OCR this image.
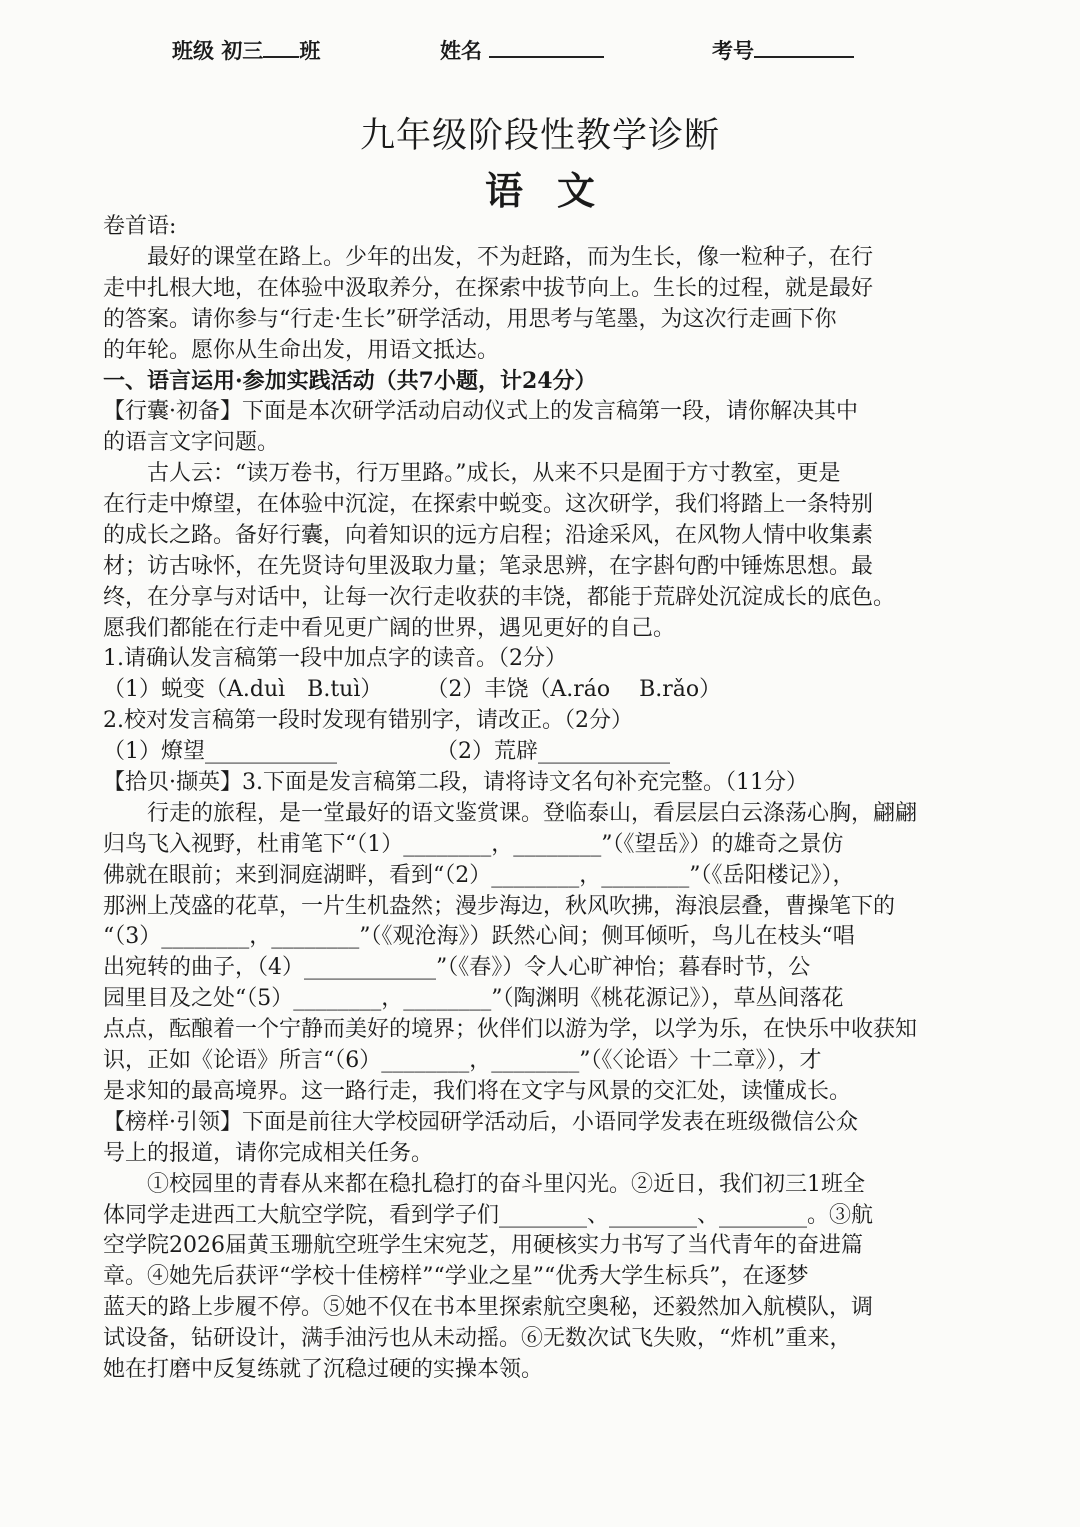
班级 初三 班	姓名	考号
九年级阶段性教学诊断
语文
卷首语:
最好的课堂在路上。少年的出发，不为赶路，而为生长，像一粒种子，在行
走中扎根大地，在体验中汲取养分，在探索中拔节向上。生长的过程，就是最好
的答案。请你参与“行走·生长”研学活动，用思考与笔墨，为这次行走画下你
的年轮。愿你从生命出发，用语文抵达。
一、语言运用·参加实践活动（共7小题，计24分）
【行囊·初备】下面是本次研学活动启动仪式上的发言稿第一段，请你解决其中
的语言文字问题。
古人云：“读万卷书，行万里路。”成长，从来不只是囿于方寸教室，更是
在行走中燎望，在体验中沉淀，在探索中蜕变。这次研学，我们将踏上一条特别
的成长之路。备好行囊，向着知识的远方启程；沿途采风，在风物人情中收集素
材；访古咏怀，在先贤诗句里汲取力量；笔录思辨，在字斟句酌中锤炼思想。最
终，在分享与对话中，让每一次行走收获的丰饶，都能于荒辟处沉淀成长的底色。
愿我们都能在行走中看见更广阔的世界，遇见更好的自己。
1.请确认发言稿第一段中加点字的读音。（2分）
（1）蜕变（A.duì　B.tuì）　　　（2）丰饶（A.ráo　 B.rǎo）
2.校对发言稿第一段时发现有错别字，请改正。（2分）
（1）燎望____________　　　　　（2）荒辟____________
【拾贝·撷英】3.下面是发言稿第二段，请将诗文名句补充完整。（11分）
行走的旅程，是一堂最好的语文鉴赏课。登临泰山，看层层白云涤荡心胸，翩翩
归鸟飞入视野，杜甫笔下“（1）________，________”（《望岳》）的雄奇之景仿
佛就在眼前；来到洞庭湖畔，看到“（2）________，________”（《岳阳楼记》），
那洲上茂盛的花草，一片生机盎然；漫步海边，秋风吹拂，海浪层叠，曹操笔下的
“（3）________，________”（《观沧海》）跃然心间；侧耳倾听，鸟儿在枝头“唱
出宛转的曲子，（4）____________”（《春》）令人心旷神怡；暮春时节，公
园里目及之处“（5）________，________”（陶渊明《桃花源记》），草丛间落花
点点，酝酿着一个宁静而美好的境界；伙伴们以游为学，以学为乐，在快乐中收获知
识，正如《论语》所言“（6）________，________”（《〈论语〉十二章》），才
是求知的最高境界。这一路行走，我们将在文字与风景的交汇处，读懂成长。
【榜样·引领】下面是前往大学校园研学活动后，小语同学发表在班级微信公众
号上的报道，请你完成相关任务。
①校园里的青春从来都在稳扎稳打的奋斗里闪光。②近日，我们初三1班全
体同学走进西工大航空学院，看到学子们________、________、________。③航
空学院2026届黄玉珊航空班学生宋宛芝，用硬核实力书写了当代青年的奋进篇
章。④她先后获评“学校十佳榜样”“学业之星”“优秀大学生标兵”，在逐梦
蓝天的路上步履不停。⑤她不仅在书本里探索航空奥秘，还毅然加入航模队，调
试设备，钻研设计，满手油污也从未动摇。⑥无数次试飞失败，“炸机”重来，
她在打磨中反复练就了沉稳过硬的实操本领。
